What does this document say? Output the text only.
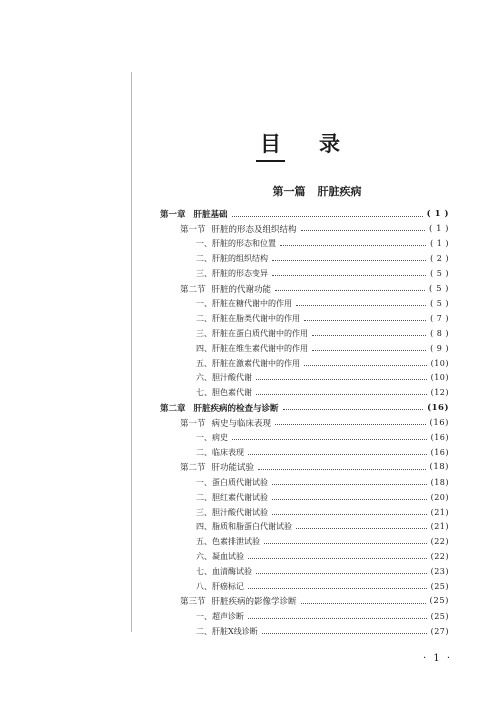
目 录
第一篇 肝脏疾病
第一章 肝脏基础	( 1 )
第一节 肝脏的形态及组织结构	( 1 )
一、肝脏的形态和位置	( 1 )
二、肝脏的组织结构	( 2 )
三、肝脏的形态变异	( 5 )
第二节 肝脏的代谢功能	( 5 )
一、肝脏在糖代谢中的作用	( 5 )
二、肝脏在脂类代谢中的作用	( 7 )
三、肝脏在蛋白质代谢中的作用	( 8 )
四、肝脏在维生素代谢中的作用	( 9 )
五、肝脏在激素代谢中的作用	(10)
六、胆汁酸代谢	(10)
七、胆色素代谢	(12)
第二章 肝脏疾病的检查与诊断	(16)
第一节 病史与临床表现	(16)
一、病史	(16)
二、临床表现	(16)
第二节 肝功能试验	(18)
一、蛋白质代谢试验	(18)
二、胆红素代谢试验	(20)
三、胆汁酸代谢试验	(21)
四、脂质和脂蛋白代谢试验	(21)
五、色素排泄试验	(22)
六、凝血试验	(22)
七、血清酶试验	(23)
八、肝癌标记	(25)
第三节 肝脏疾病的影像学诊断	(25)
一、超声诊断	(25)
二、肝脏X线诊断	(27)
· 1 ·
